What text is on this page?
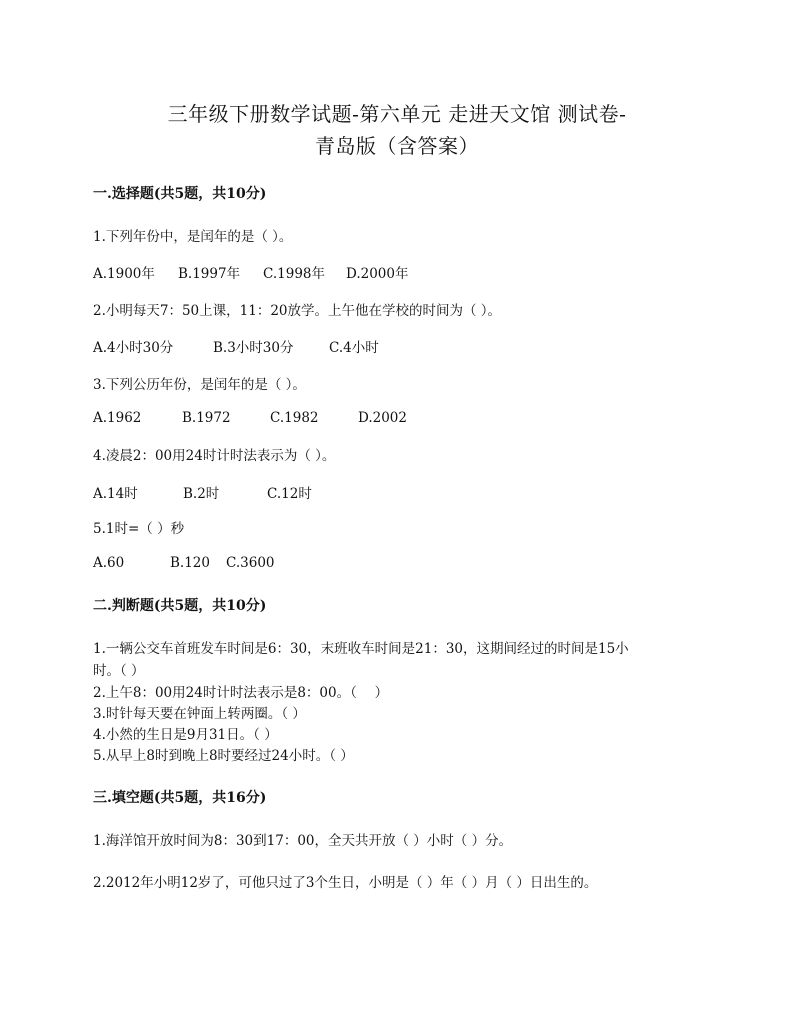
三年级下册数学试题-第六单元 走进天文馆 测试卷-
青岛版（含答案）
一.选择题(共5题，共10分)
1.下列年份中，是闰年的是（ ）。
A.1900年 B.1997年 C.1998年 D.2000年
2.小明每天7：50上课，11：20放学。上午他在学校的时间为（ ）。
A.4小时30分	B.3小时30分	C.4小时
3.下列公历年份，是闰年的是（ ）。
A.1962	B.1972	C.1982	D.2002
4.凌晨2：00用24时计时法表示为（ ）。
A.14时	B.2时	C.12时
5.1时=（ ）秒
A.60	B.120 C.3600
二.判断题(共5题，共10分)
1.一辆公交车首班发车时间是6：30，末班收车时间是21：30，这期间经过的时间是15小
时。（ ）
2.上午8：00用24时计时法表示是8：00。（　 ）
3.时针每天要在钟面上转两圈。（ ）
4.小然的生日是9月31日。（ ）
5.从早上8时到晚上8时要经过24小时。（ ）
三.填空题(共5题，共16分)
1.海洋馆开放时间为8：30到17：00，全天共开放（ ）小时（ ）分。
2.2012年小明12岁了，可他只过了3个生日，小明是（ ）年（ ）月（ ）日出生的。
